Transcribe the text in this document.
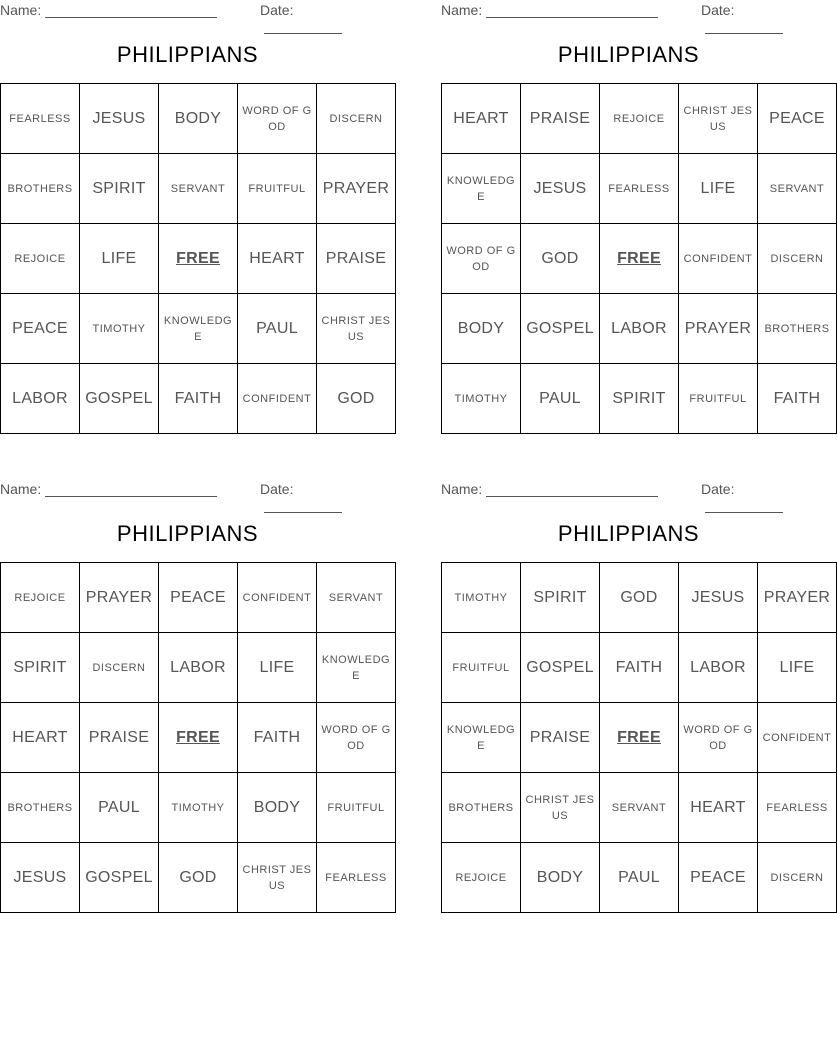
Name:	Date:
PHILIPPIANS
FEARLESS	JESUS	BODY	WORD OF GOD	DISCERN
BROTHERS	SPIRIT	SERVANT	FRUITFUL	PRAYER
REJOICE	LIFE	FREE	HEART	PRAISE
PEACE	TIMOTHY	KNOWLEDGE	PAUL	CHRIST JESUS
LABOR	GOSPEL	FAITH	CONFIDENT	GOD
Name:	Date:
PHILIPPIANS
HEART	PRAISE	REJOICE	CHRIST JESUS	PEACE
KNOWLEDGE	JESUS	FEARLESS	LIFE	SERVANT
WORD OF GOD	GOD	FREE	CONFIDENT	DISCERN
BODY	GOSPEL	LABOR	PRAYER	BROTHERS
TIMOTHY	PAUL	SPIRIT	FRUITFUL	FAITH
Name:	Date:
PHILIPPIANS
REJOICE	PRAYER	PEACE	CONFIDENT	SERVANT
SPIRIT	DISCERN	LABOR	LIFE	KNOWLEDGE
HEART	PRAISE	FREE	FAITH	WORD OF GOD
BROTHERS	PAUL	TIMOTHY	BODY	FRUITFUL
JESUS	GOSPEL	GOD	CHRIST JESUS	FEARLESS
Name:	Date:
PHILIPPIANS
TIMOTHY	SPIRIT	GOD	JESUS	PRAYER
FRUITFUL	GOSPEL	FAITH	LABOR	LIFE
KNOWLEDGE	PRAISE	FREE	WORD OF GOD	CONFIDENT
BROTHERS	CHRIST JESUS	SERVANT	HEART	FEARLESS
REJOICE	BODY	PAUL	PEACE	DISCERN
